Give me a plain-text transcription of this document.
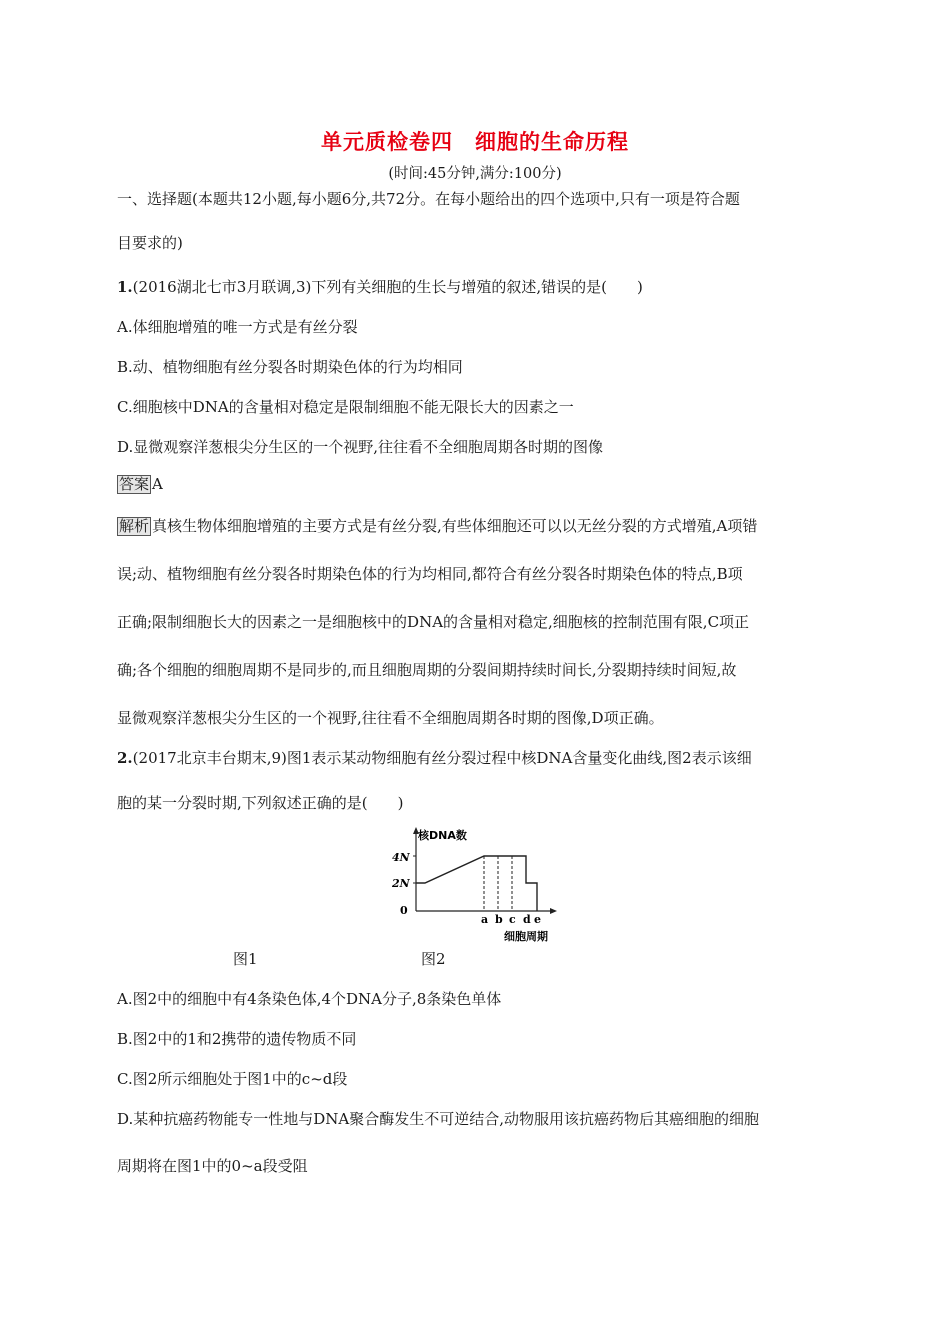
单元质检卷四　细胞的生命历程
(时间:45分钟,满分:100分)
一、选择题(本题共12小题,每小题6分,共72分。在每小题给出的四个选项中,只有一项是符合题
目要求的)
1.(2016湖北七市3月联调,3)下列有关细胞的生长与增殖的叙述,错误的是(　　)
A.体细胞增殖的唯一方式是有丝分裂
B.动、植物细胞有丝分裂各时期染色体的行为均相同
C.细胞核中DNA的含量相对稳定是限制细胞不能无限长大的因素之一
D.显微观察洋葱根尖分生区的一个视野,往往看不全细胞周期各时期的图像
答案 A
解析 真核生物体细胞增殖的主要方式是有丝分裂,有些体细胞还可以以无丝分裂的方式增殖,A项错
误;动、植物细胞有丝分裂各时期染色体的行为均相同,都符合有丝分裂各时期染色体的特点,B项
正确;限制细胞长大的因素之一是细胞核中的DNA的含量相对稳定,细胞核的控制范围有限,C项正
确;各个细胞的细胞周期不是同步的,而且细胞周期的分裂间期持续时间长,分裂期持续时间短,故
显微观察洋葱根尖分生区的一个视野,往往看不全细胞周期各时期的图像,D项正确。
2.(2017北京丰台期末,9)图1表示某动物细胞有丝分裂过程中核DNA含量变化曲线,图2表示该细
胞的某一分裂时期,下列叙述正确的是(　　)
核DNA数
4N
2N
0
a b c d e
细胞周期
图1	图2
A.图2中的细胞中有4条染色体,4个DNA分子,8条染色单体
B.图2中的1和2携带的遗传物质不同
C.图2所示细胞处于图1中的c~d段
D.某种抗癌药物能专一性地与DNA聚合酶发生不可逆结合,动物服用该抗癌药物后其癌细胞的细胞
周期将在图1中的0~a段受阻
